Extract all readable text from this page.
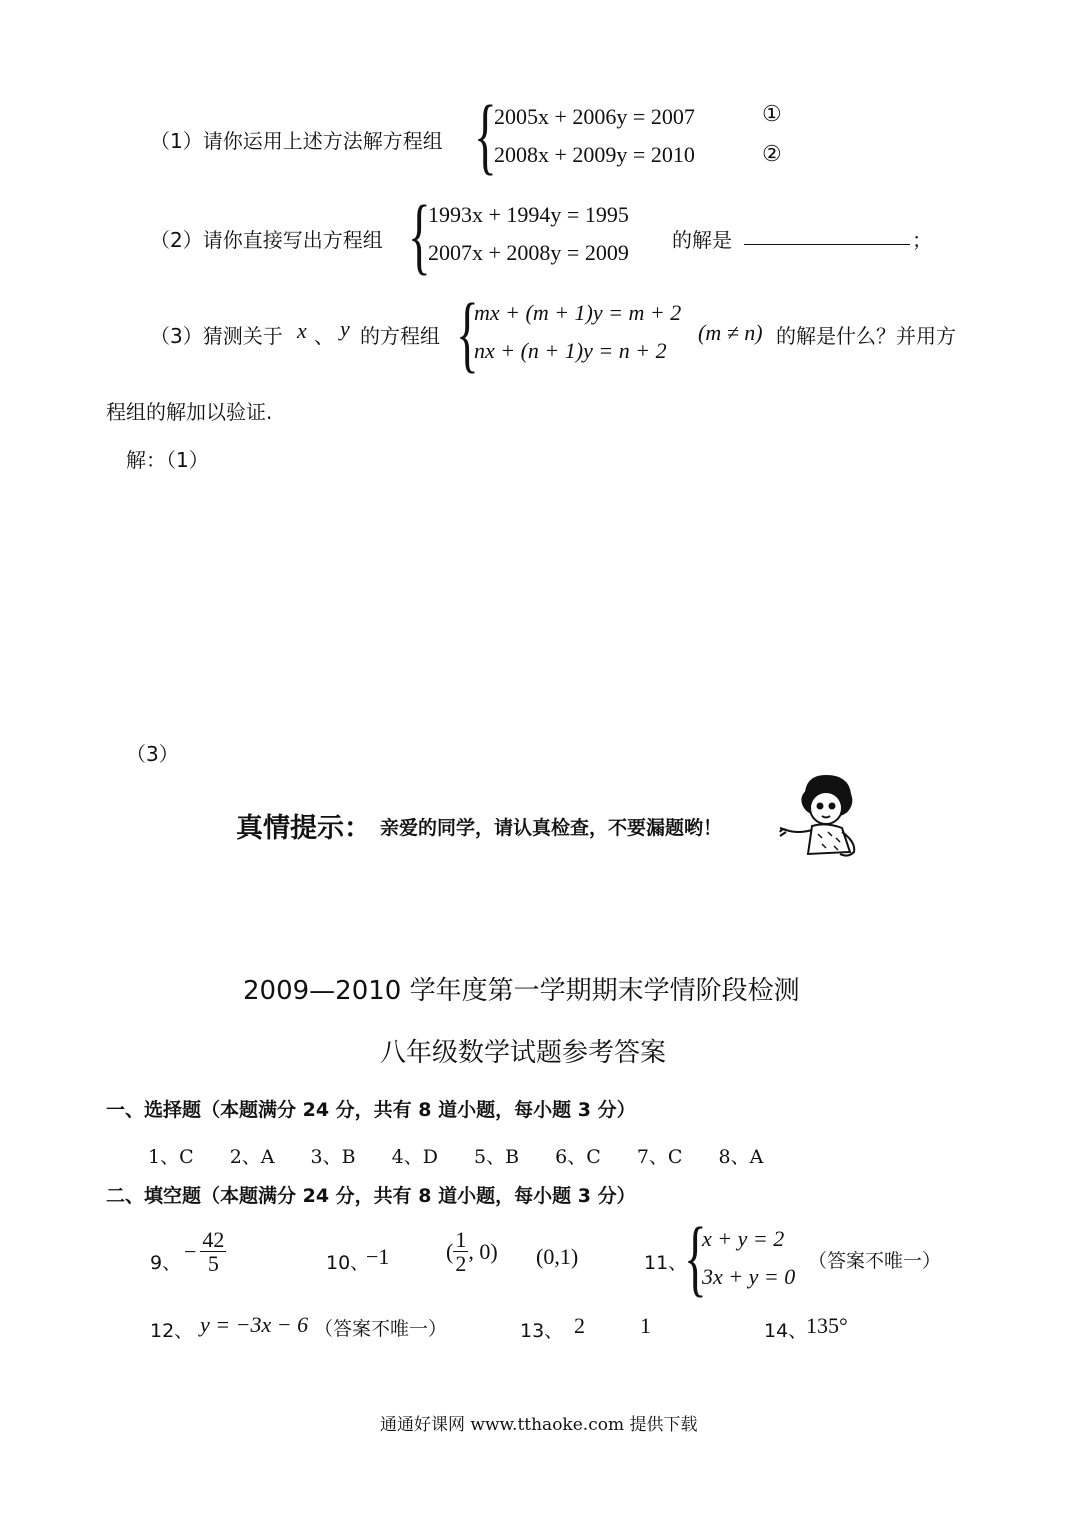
（1）请你运用上述方法解方程组 {
2005x + 2006y = 2007
2008x + 2009y = 2010
①
②
（2）请你直接写出方程组 {
1993x + 1994y = 1995
2007x + 2008y = 2009 的解是	；
（3）猜测关于 x 、 y 的方程组 {
mx + (m + 1)y = m + 2
nx + (n + 1)y = n + 2
(m ≠ n) 的解是什么？并用方
程组的解加以验证.
解：（1）
（3）
真情提示： 亲爱的同学，请认真检查，不要漏题哟！
2009—2010 学年度第一学期期末学情阶段检测
八年级数学试题参考答案
一、选择题（本题满分 24 分，共有 8 道小题，每小题 3 分）
1、C 2、A 3、B 4、D 5、B 6、C 7、C 8、A
二、填空题（本题满分 24 分，共有 8 道小题，每小题 3 分）
9、 − $\frac{42}{5}$	10、
−1	( $\frac{1}{2}$ , 0) (0,1)	11、
{
x + y = 2
3x + y = 0
（答案不唯一）
12、 y = −3x − 6 （答案不唯一）	13、 2	1	14、
135°
通通好课网 www.tthaoke.com 提供下载
